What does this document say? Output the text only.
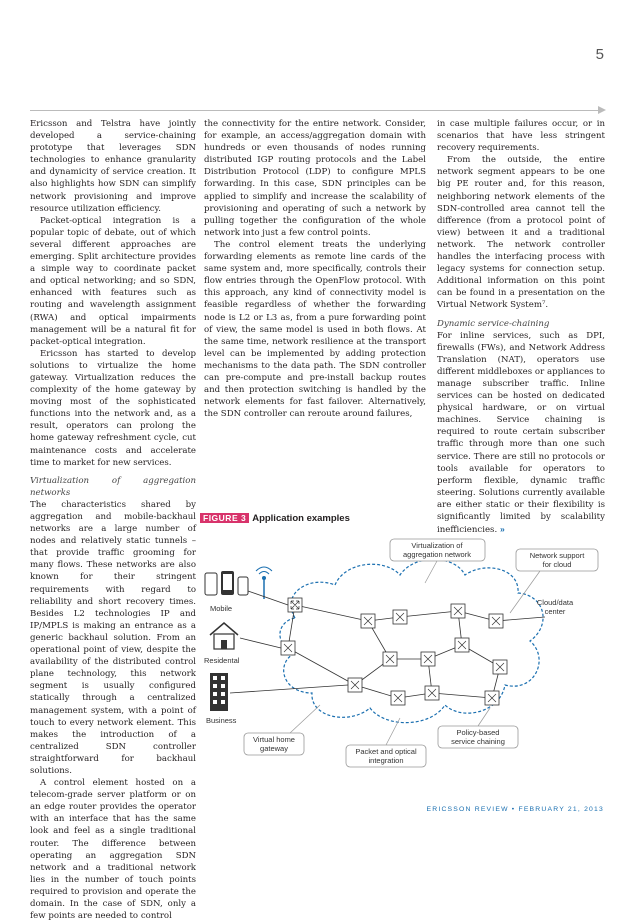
5

Ericsson and Telstra have jointly developed a service-chaining prototype that leverages SDN technologies to enhance granularity and dynamicity of service creation. It also highlights how SDN can simplify network provisioning and improve resource utilization efficiency.

Packet-optical integration is a popular topic of debate, out of which several different approaches are emerging. Split architecture provides a simple way to coordinate packet and optical networking; and so SDN, enhanced with features such as routing and wavelength assignment (RWA) and optical impairments management will be a natural fit for packet-optical integration.

Ericsson has started to develop solutions to virtualize the home gateway. Virtualization reduces the complexity of the home gateway by moving most of the sophisticated functions into the network and, as a result, operators can prolong the home gateway refreshment cycle, cut maintenance costs and accelerate time to market for new services.

Virtualization of aggregation networks

The characteristics shared by aggregation and mobile-backhaul networks are a large number of nodes and relatively static tunnels – that provide traffic grooming for many flows. These networks are also known for their stringent requirements with regard to reliability and short recovery times. Besides L2 technologies IP and IP/MPLS is making an entrance as a generic backhaul solution. From an operational point of view, despite the availability of the distributed control plane technology, this network segment is usually configured statically through a centralized management system, with a point of touch to every network element. This makes the introduction of a centralized SDN controller straightforward for backhaul solutions.

A control element hosted on a telecom-grade server platform or on an edge router provides the operator with an interface that has the same look and feel as a single traditional router. The difference between operating an aggregation SDN network and a traditional network lies in the number of touch points required to provision and operate the domain. In the case of SDN, only a few points are needed to control

the connectivity for the entire network. Consider, for example, an access/aggregation domain with hundreds or even thousands of nodes running distributed IGP routing protocols and the Label Distribution Protocol (LDP) to configure MPLS forwarding. In this case, SDN principles can be applied to simplify and increase the scalability of provisioning and operating of such a network by pulling together the configuration of the whole network into just a few control points.

The control element treats the underlying forwarding elements as remote line cards of the same system and, more specifically, controls their flow entries through the OpenFlow protocol. With this approach, any kind of connectivity model is feasible regardless of whether the forwarding node is L2 or L3 as, from a pure forwarding point of view, the same model is used in both flows. At the same time, network resilience at the transport level can be implemented by adding protection mechanisms to the data path. The SDN controller can pre-compute and pre-install backup routes and then protection switching is handled by the network elements for fast failover. Alternatively, the SDN controller can reroute around failures,

in case multiple failures occur, or in scenarios that have less stringent recovery requirements.

From the outside, the entire network segment appears to be one big PE router and, for this reason, neighboring network elements of the SDN-controlled area cannot tell the difference (from a protocol point of view) between it and a traditional network. The network controller handles the interfacing process with legacy systems for connection setup. Additional information on this point can be found in a presentation on the Virtual Network System⁷.

Dynamic service-chaining

For inline services, such as DPI, firewalls (FWs), and Network Address Translation (NAT), operators use different middleboxes or appliances to manage subscriber traffic. Inline services can be hosted on dedicated physical hardware, or on virtual machines. Service chaining is required to route certain subscriber traffic through more than one such service. There are still no protocols or tools available for operators to perform flexible, dynamic traffic steering. Solutions currently available are either static or their flexibility is significantly limited by scalability inefficiencies. »

FIGURE 3 Application examples
Mobile
Residental
Business
Virtualization of
aggregation network	Network support
for cloud
Cloud/data
center
Virtual home
gateway	Packet and optical
integration
Policy-based
service chaining
ERICSSON REVIEW • FEBRUARY 21, 2013
